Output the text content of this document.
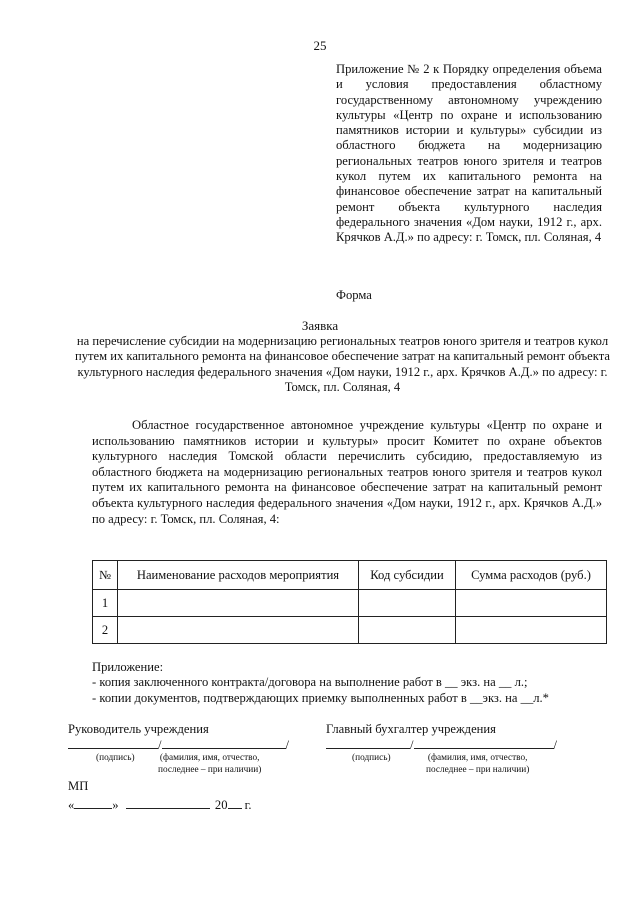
25
Приложение № 2 к Порядку определения объема и условия предоставления областному государственному автономному учреждению культуры «Центр по охране и использованию памятников истории и культуры» субсидии из областного бюджета на модернизацию региональных театров юного зрителя и театров кукол путем их капитального ремонта на финансовое обеспечение затрат на капитальный ремонт объекта культурного наследия федерального значения «Дом науки, 1912 г., арх. Крячков А.Д.» по адресу: г. Томск, пл. Соляная, 4
Форма
Заявка
на перечисление субсидии на модернизацию региональных театров юного зрителя и театров кукол путем их капитального ремонта на финансовое обеспечение затрат на капитальный ремонт объекта культурного наследия федерального значения «Дом науки, 1912 г., арх. Крячков А.Д.» по адресу: г. Томск, пл. Соляная, 4
Областное государственное автономное учреждение культуры «Центр по охране и использованию памятников истории и культуры» просит Комитет по охране объектов культурного наследия Томской области перечислить субсидию, предоставляемую из областного бюджета на модернизацию региональных театров юного зрителя и театров кукол путем их капитального ремонта на финансовое обеспечение затрат на капитальный ремонт объекта культурного наследия федерального значения «Дом науки, 1912 г., арх. Крячков А.Д.» по адресу: г. Томск, пл. Соляная, 4:
№	Наименование расходов мероприятия	Код субсидии	Сумма расходов (руб.)
1			
2			
Приложение:
- копия заключенного контракта/договора на выполнение работ в __ экз. на __ л.;
- копии документов, подтверждающих приемку выполненных работ в __экз. на __л.*
Руководитель учреждения
/	/
(подпись)	(фамилия, имя, отчество,
последнее – при наличии)
Главный бухгалтер учреждения
/	/
(подпись)	(фамилия, имя, отчество,
последнее – при наличии)
МП
«	»	20 г.
